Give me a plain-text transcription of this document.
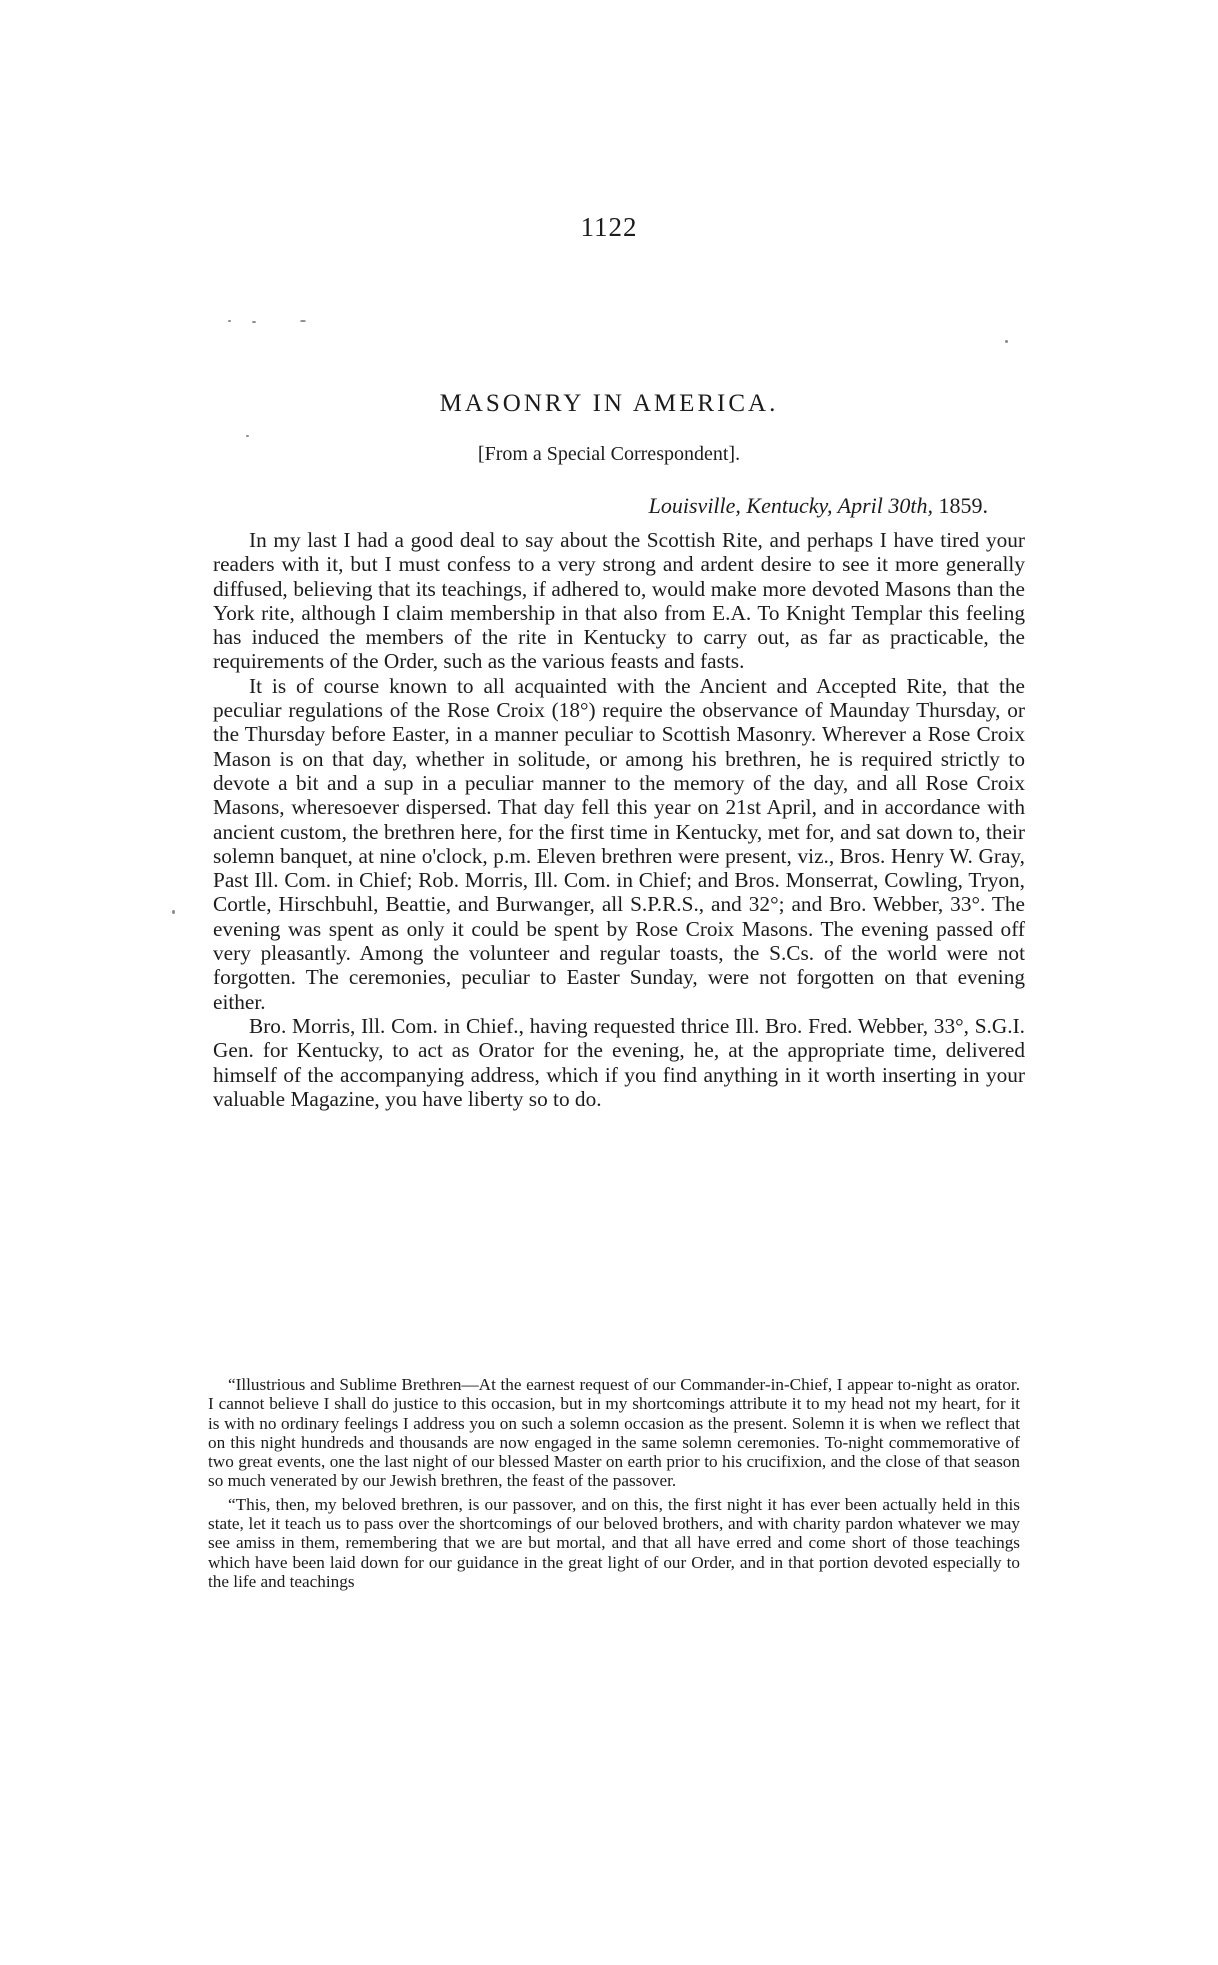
1122
MASONRY IN AMERICA.
[From a Special Correspondent].
Louisville, Kentucky, April 30th, 1859.

In my last I had a good deal to say about the Scottish Rite, and perhaps I have tired your readers with it, but I must confess to a very strong and ardent desire to see it more generally diffused, believing that its teachings, if adhered to, would make more devoted Masons than the York rite, although I claim membership in that also from E.A. To Knight Templar this feeling has induced the members of the rite in Kentucky to carry out, as far as practicable, the requirements of the Order, such as the various feasts and fasts.

It is of course known to all acquainted with the Ancient and Accepted Rite, that the peculiar regulations of the Rose Croix (18°) require the observance of Maunday Thursday, or the Thursday before Easter, in a manner peculiar to Scottish Masonry. Wherever a Rose Croix Mason is on that day, whether in solitude, or among his brethren, he is required strictly to devote a bit and a sup in a peculiar manner to the memory of the day, and all Rose Croix Masons, wheresoever dispersed. That day fell this year on 21st April, and in accordance with ancient custom, the brethren here, for the first time in Kentucky, met for, and sat down to, their solemn banquet, at nine o'clock, p.m. Eleven brethren were present, viz., Bros. Henry W. Gray, Past Ill. Com. in Chief; Rob. Morris, Ill. Com. in Chief; and Bros. Monserrat, Cowling, Tryon, Cortle, Hirschbuhl, Beattie, and Burwanger, all S.P.R.S., and 32°; and Bro. Webber, 33°. The evening was spent as only it could be spent by Rose Croix Masons. The evening passed off very pleasantly. Among the volunteer and regular toasts, the S.Cs. of the world were not forgotten. The ceremonies, peculiar to Easter Sunday, were not forgotten on that evening either.

Bro. Morris, Ill. Com. in Chief., having requested thrice Ill. Bro. Fred. Webber, 33°, S.G.I. Gen. for Kentucky, to act as Orator for the evening, he, at the appropriate time, delivered himself of the accompanying address, which if you find anything in it worth inserting in your valuable Magazine, you have liberty so to do.

“Illustrious and Sublime Brethren—At the earnest request of our Commander-in-Chief, I appear to-night as orator. I cannot believe I shall do justice to this occasion, but in my shortcomings attribute it to my head not my heart, for it is with no ordinary feelings I address you on such a solemn occasion as the present. Solemn it is when we reflect that on this night hundreds and thousands are now engaged in the same solemn ceremonies. To-night commemorative of two great events, one the last night of our blessed Master on earth prior to his crucifixion, and the close of that season so much venerated by our Jewish brethren, the feast of the passover.

“This, then, my beloved brethren, is our passover, and on this, the first night it has ever been actually held in this state, let it teach us to pass over the shortcomings of our beloved brothers, and with charity pardon whatever we may see amiss in them, remembering that we are but mortal, and that all have erred and come short of those teachings which have been laid down for our guidance in the great light of our Order, and in that portion devoted especially to the life and teachings
